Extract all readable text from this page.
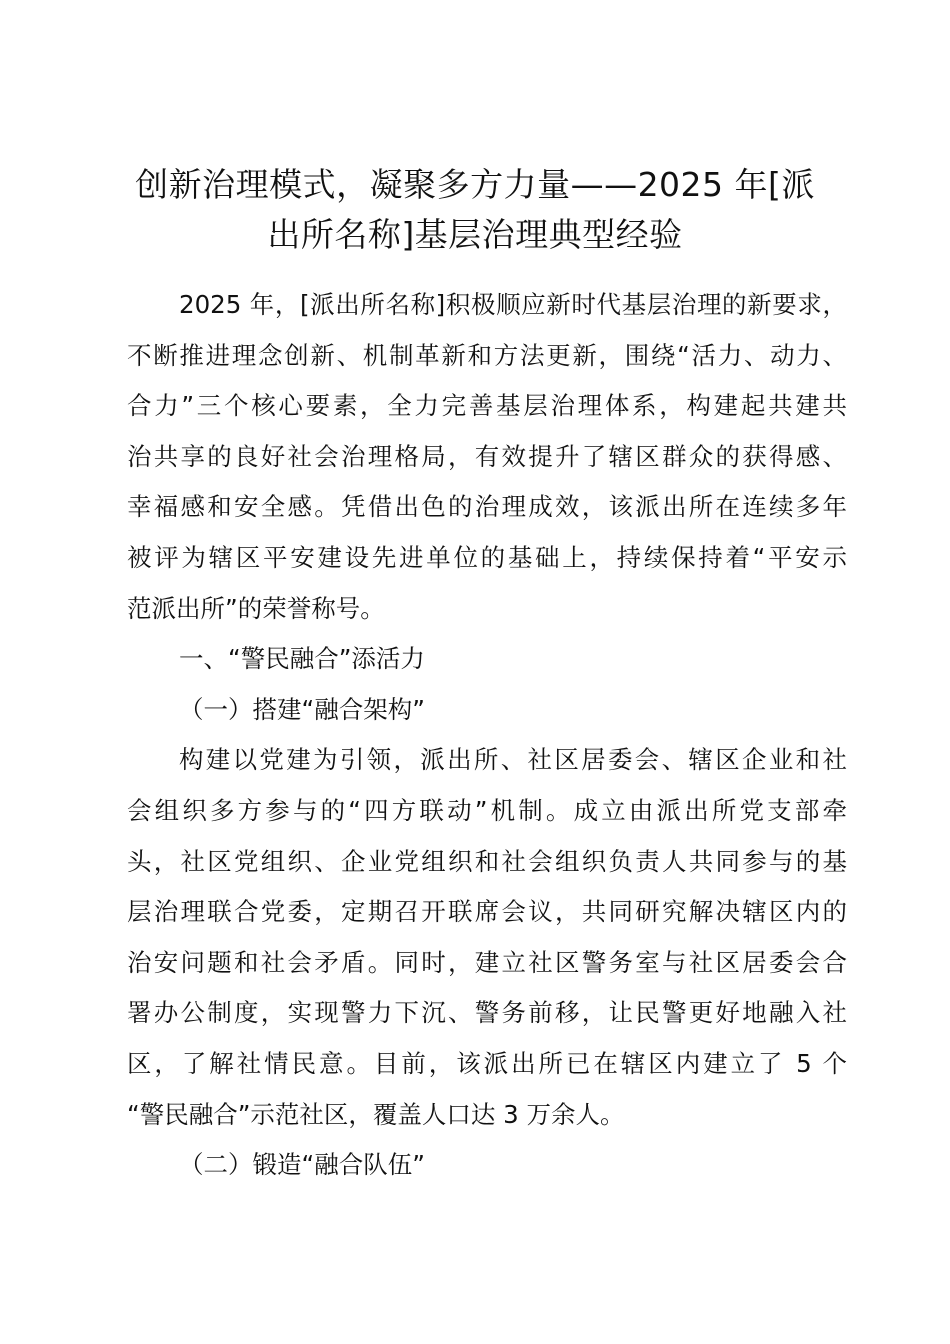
创新治理模式，凝聚多方力量——2025 年[派
出所名称]基层治理典型经验
2025 年，[派出所名称]积极顺应新时代基层治理的新要求，
不断推进理念创新、机制革新和方法更新，围绕“活力、动力、
合力”三个核心要素，全力完善基层治理体系，构建起共建共
治共享的良好社会治理格局，有效提升了辖区群众的获得感、
幸福感和安全感。凭借出色的治理成效，该派出所在连续多年
被评为辖区平安建设先进单位的基础上，持续保持着“平安示
范派出所”的荣誉称号。
一、“警民融合”添活力
（一）搭建“融合架构”
构建以党建为引领，派出所、社区居委会、辖区企业和社
会组织多方参与的“四方联动”机制。成立由派出所党支部牵
头，社区党组织、企业党组织和社会组织负责人共同参与的基
层治理联合党委，定期召开联席会议，共同研究解决辖区内的
治安问题和社会矛盾。同时，建立社区警务室与社区居委会合
署办公制度，实现警力下沉、警务前移，让民警更好地融入社
区，了解社情民意。目前，该派出所已在辖区内建立了 5 个
“警民融合”示范社区，覆盖人口达 3 万余人。
（二）锻造“融合队伍”
